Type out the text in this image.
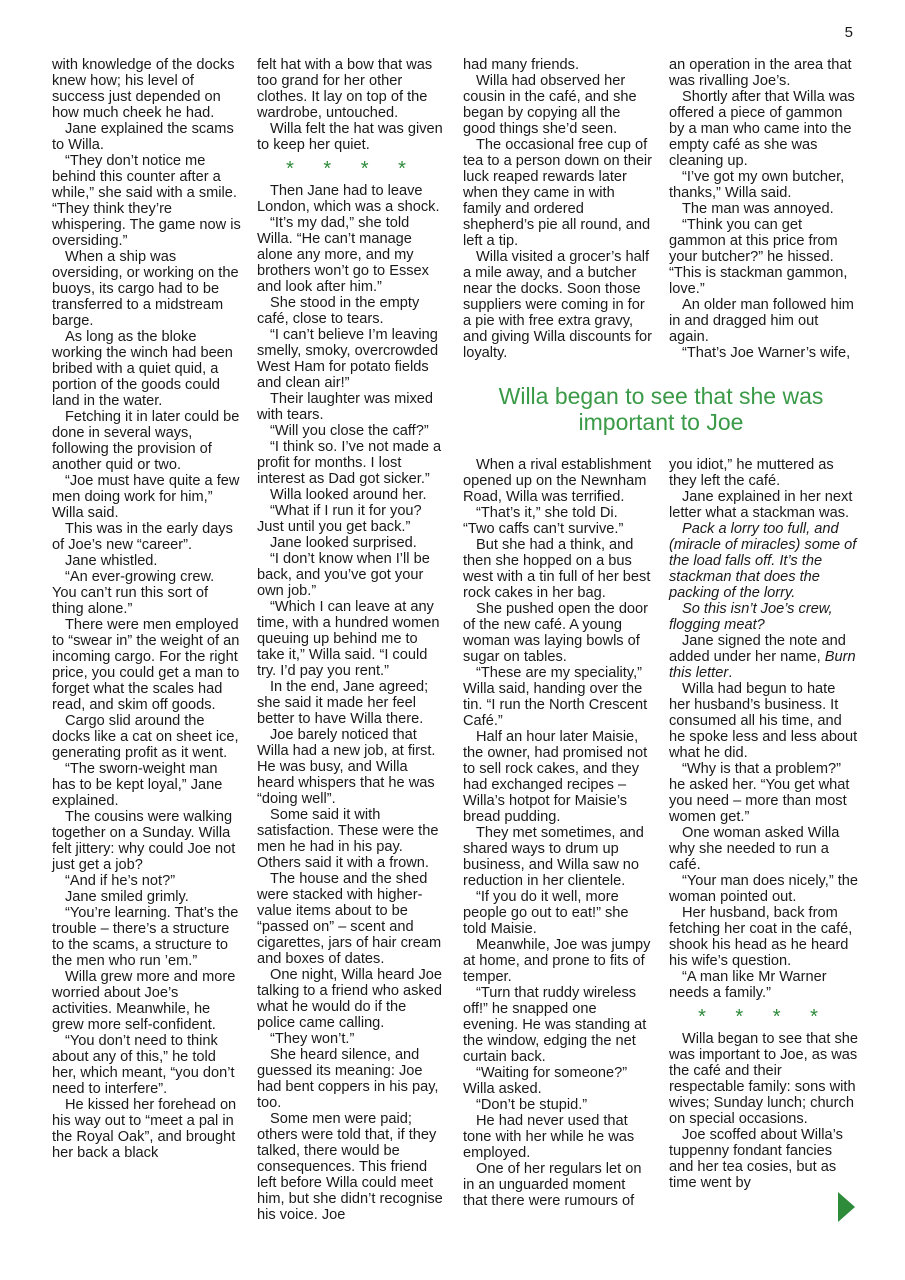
5

with knowledge of the docks knew how; his level of success just depended on how much cheek he had.

Jane explained the scams to Willa.

“They don’t notice me behind this counter after a while,” she said with a smile. “They think they’re whispering. The game now is oversiding.”

When a ship was oversiding, or working on the buoys, its cargo had to be transferred to a midstream barge.

As long as the bloke working the winch had been bribed with a quiet quid, a portion of the goods could land in the water.

Fetching it in later could be done in several ways, following the provision of another quid or two.

“Joe must have quite a few men doing work for him,” Willa said.

This was in the early days of Joe’s new “career”.

Jane whistled.

“An ever-growing crew. You can’t run this sort of thing alone.”

There were men employed to “swear in” the weight of an incoming cargo. For the right price, you could get a man to forget what the scales had read, and skim off goods.

Cargo slid around the docks like a cat on sheet ice, generating profit as it went.

“The sworn-weight man has to be kept loyal,” Jane explained.

The cousins were walking together on a Sunday. Willa felt jittery: why could Joe not just get a job?

“And if he’s not?”

Jane smiled grimly.

“You’re learning. That’s the trouble – there’s a structure to the scams, a structure to the men who run ’em.”

Willa grew more and more worried about Joe’s activities. Meanwhile, he grew more self-confident.

“You don’t need to think about any of this,” he told her, which meant, “you don’t need to interfere”.

He kissed her forehead on his way out to “meet a pal in the Royal Oak”, and brought her back a black

felt hat with a bow that was too grand for her other clothes. It lay on top of the wardrobe, untouched.

Willa felt the hat was given to keep her quiet.

* * * *

Then Jane had to leave London, which was a shock.

“It’s my dad,” she told Willa. “He can’t manage alone any more, and my brothers won’t go to Essex and look after him.”

She stood in the empty café, close to tears.

“I can’t believe I’m leaving smelly, smoky, overcrowded West Ham for potato fields and clean air!”

Their laughter was mixed with tears.

“Will you close the caff?”

“I think so. I’ve not made a profit for months. I lost interest as Dad got sicker.”

Willa looked around her.

“What if I run it for you? Just until you get back.”

Jane looked surprised.

“I don’t know when I’ll be back, and you’ve got your own job.”

“Which I can leave at any time, with a hundred women queuing up behind me to take it,” Willa said. “I could try. I’d pay you rent.”

In the end, Jane agreed; she said it made her feel better to have Willa there.

Joe barely noticed that Willa had a new job, at first. He was busy, and Willa heard whispers that he was “doing well”.

Some said it with satisfaction. These were the men he had in his pay. Others said it with a frown.

The house and the shed were stacked with higher-value items about to be “passed on” – scent and cigarettes, jars of hair cream and boxes of dates.

One night, Willa heard Joe talking to a friend who asked what he would do if the police came calling.

“They won’t.”

She heard silence, and guessed its meaning: Joe had bent coppers in his pay, too.

Some men were paid; others were told that, if they talked, there would be consequences. This friend left before Willa could meet him, but she didn’t recognise his voice. Joe

had many friends.

Willa had observed her cousin in the café, and she began by copying all the good things she’d seen.

The occasional free cup of tea to a person down on their luck reaped rewards later when they came in with family and ordered shepherd’s pie all round, and left a tip.

Willa visited a grocer’s half a mile away, and a butcher near the docks. Soon those suppliers were coming in for a pie with free extra gravy, and giving Willa discounts for loyalty.

an operation in the area that was rivalling Joe’s.

Shortly after that Willa was offered a piece of gammon by a man who came into the empty café as she was cleaning up.

“I’ve got my own butcher, thanks,” Willa said.

The man was annoyed.

“Think you can get gammon at this price from your butcher?” he hissed. “This is stackman gammon, love.”

An older man followed him in and dragged him out again.

“That’s Joe Warner’s wife,

Willa began to see that she was important to Joe

When a rival establishment opened up on the Newnham Road, Willa was terrified.

“That’s it,” she told Di. “Two caffs can’t survive.”

But she had a think, and then she hopped on a bus west with a tin full of her best rock cakes in her bag.

She pushed open the door of the new café. A young woman was laying bowls of sugar on tables.

“These are my speciality,” Willa said, handing over the tin. “I run the North Crescent Café.”

Half an hour later Maisie, the owner, had promised not to sell rock cakes, and they had exchanged recipes – Willa’s hotpot for Maisie’s bread pudding.

They met sometimes, and shared ways to drum up business, and Willa saw no reduction in her clientele.

“If you do it well, more people go out to eat!” she told Maisie.

Meanwhile, Joe was jumpy at home, and prone to fits of temper.

“Turn that ruddy wireless off!” he snapped one evening. He was standing at the window, edging the net curtain back.

“Waiting for someone?” Willa asked.

“Don’t be stupid.”

He had never used that tone with her while he was employed.

One of her regulars let on in an unguarded moment that there were rumours of

you idiot,” he muttered as they left the café.

Jane explained in her next letter what a stackman was.

Pack a lorry too full, and (miracle of miracles) some of the load falls off. It’s the stackman that does the packing of the lorry.

So this isn’t Joe’s crew, flogging meat?

Jane signed the note and added under her name, Burn this letter.

Willa had begun to hate her husband’s business. It consumed all his time, and he spoke less and less about what he did.

“Why is that a problem?” he asked her. “You get what you need – more than most women get.”

One woman asked Willa why she needed to run a café.

“Your man does nicely,” the woman pointed out.

Her husband, back from fetching her coat in the café, shook his head as he heard his wife’s question.

“A man like Mr Warner needs a family.”

* * * *

Willa began to see that she was important to Joe, as was the café and their respectable family: sons with wives; Sunday lunch; church on special occasions.

Joe scoffed about Willa’s tuppenny fondant fancies and her tea cosies, but as time went by
